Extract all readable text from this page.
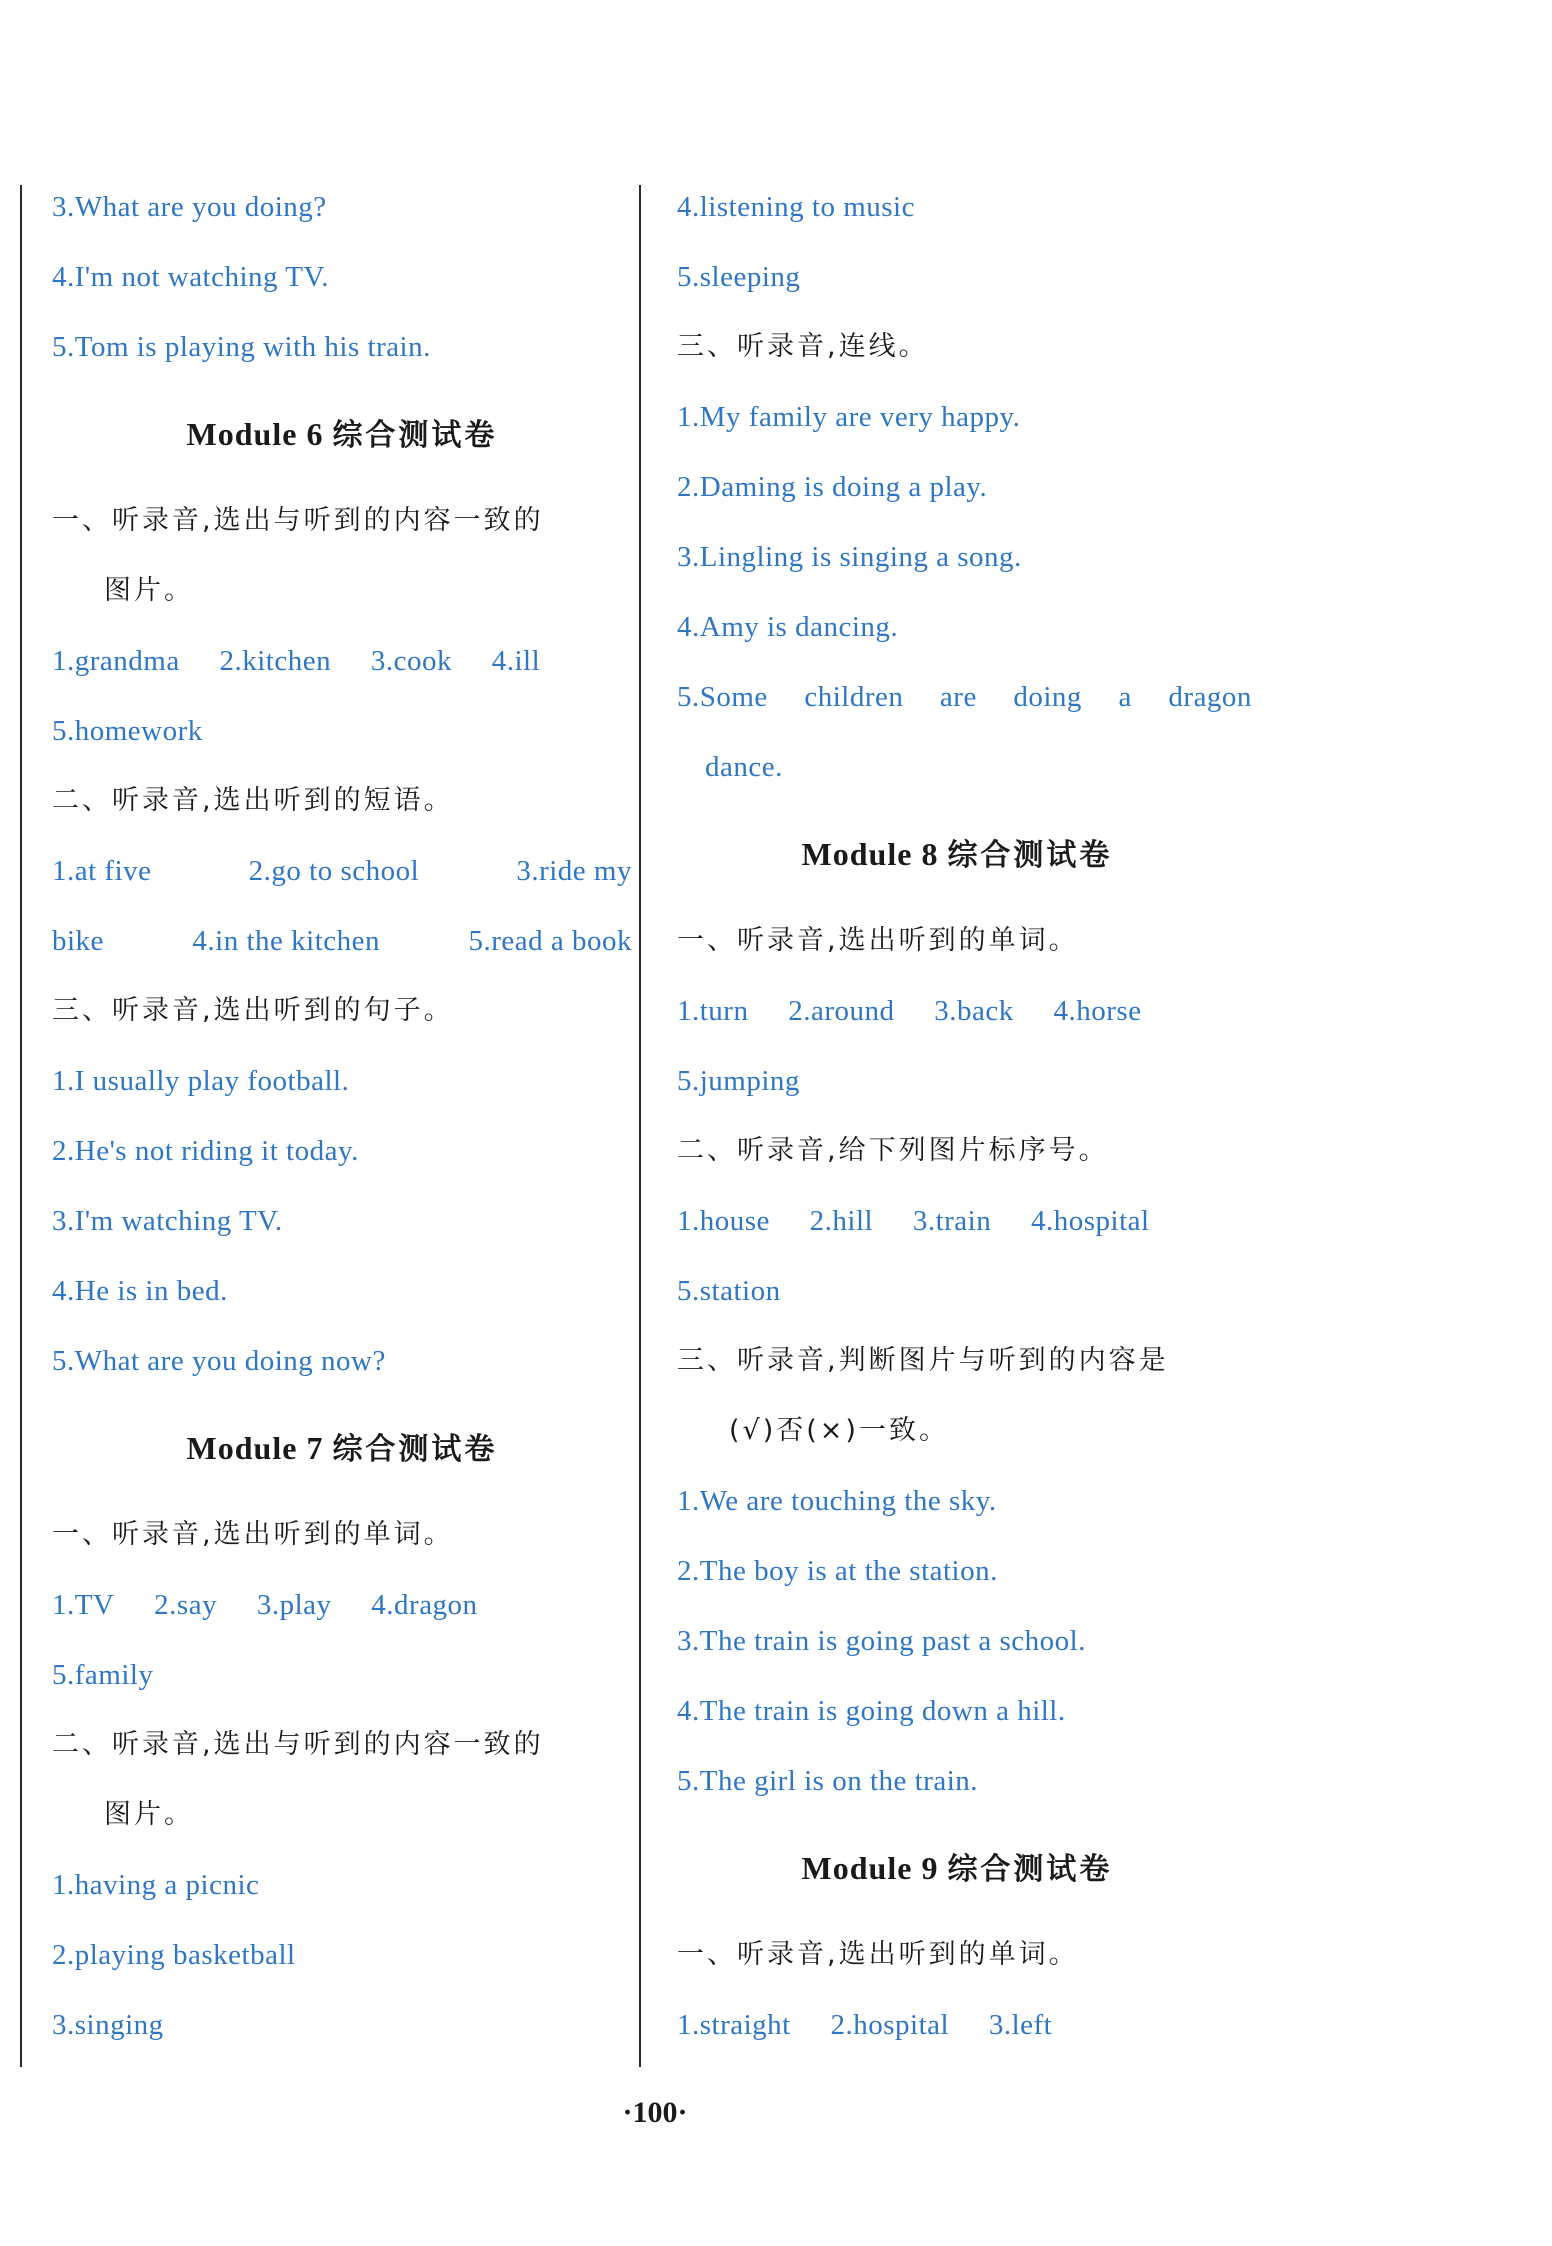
3.What are you doing?
4.I'm not watching TV.
5.Tom is playing with his train.
Module 6 综合测试卷
一、听录音,选出与听到的内容一致的
图片。
1.grandma 2.kitchen 3.cook 4.ill
5.homework
二、听录音,选出听到的短语。
1.at five	2.go to school	3.ride my
bike	4.in the kitchen	5.read a book
三、听录音,选出听到的句子。
1.I usually play football.
2.He's not riding it today.
3.I'm watching TV.
4.He is in bed.
5.What are you doing now?
Module 7 综合测试卷
一、听录音,选出听到的单词。
1.TV 2.say 3.play 4.dragon
5.family
二、听录音,选出与听到的内容一致的
图片。
1.having a picnic
2.playing basketball
3.singing
4.listening to music
5.sleeping
三、听录音,连线。
1.My family are very happy.
2.Daming is doing a play.
3.Lingling is singing a song.
4.Amy is dancing.
5.Some children are doing a dragon
dance.
Module 8 综合测试卷
一、听录音,选出听到的单词。
1.turn 2.around 3.back 4.horse
5.jumping
二、听录音,给下列图片标序号。
1.house 2.hill 3.train 4.hospital
5.station
三、听录音,判断图片与听到的内容是
(√)否(×)一致。
1.We are touching the sky.
2.The boy is at the station.
3.The train is going past a school.
4.The train is going down a hill.
5.The girl is on the train.
Module 9 综合测试卷
一、听录音,选出听到的单词。
1.straight 2.hospital 3.left
·100·
